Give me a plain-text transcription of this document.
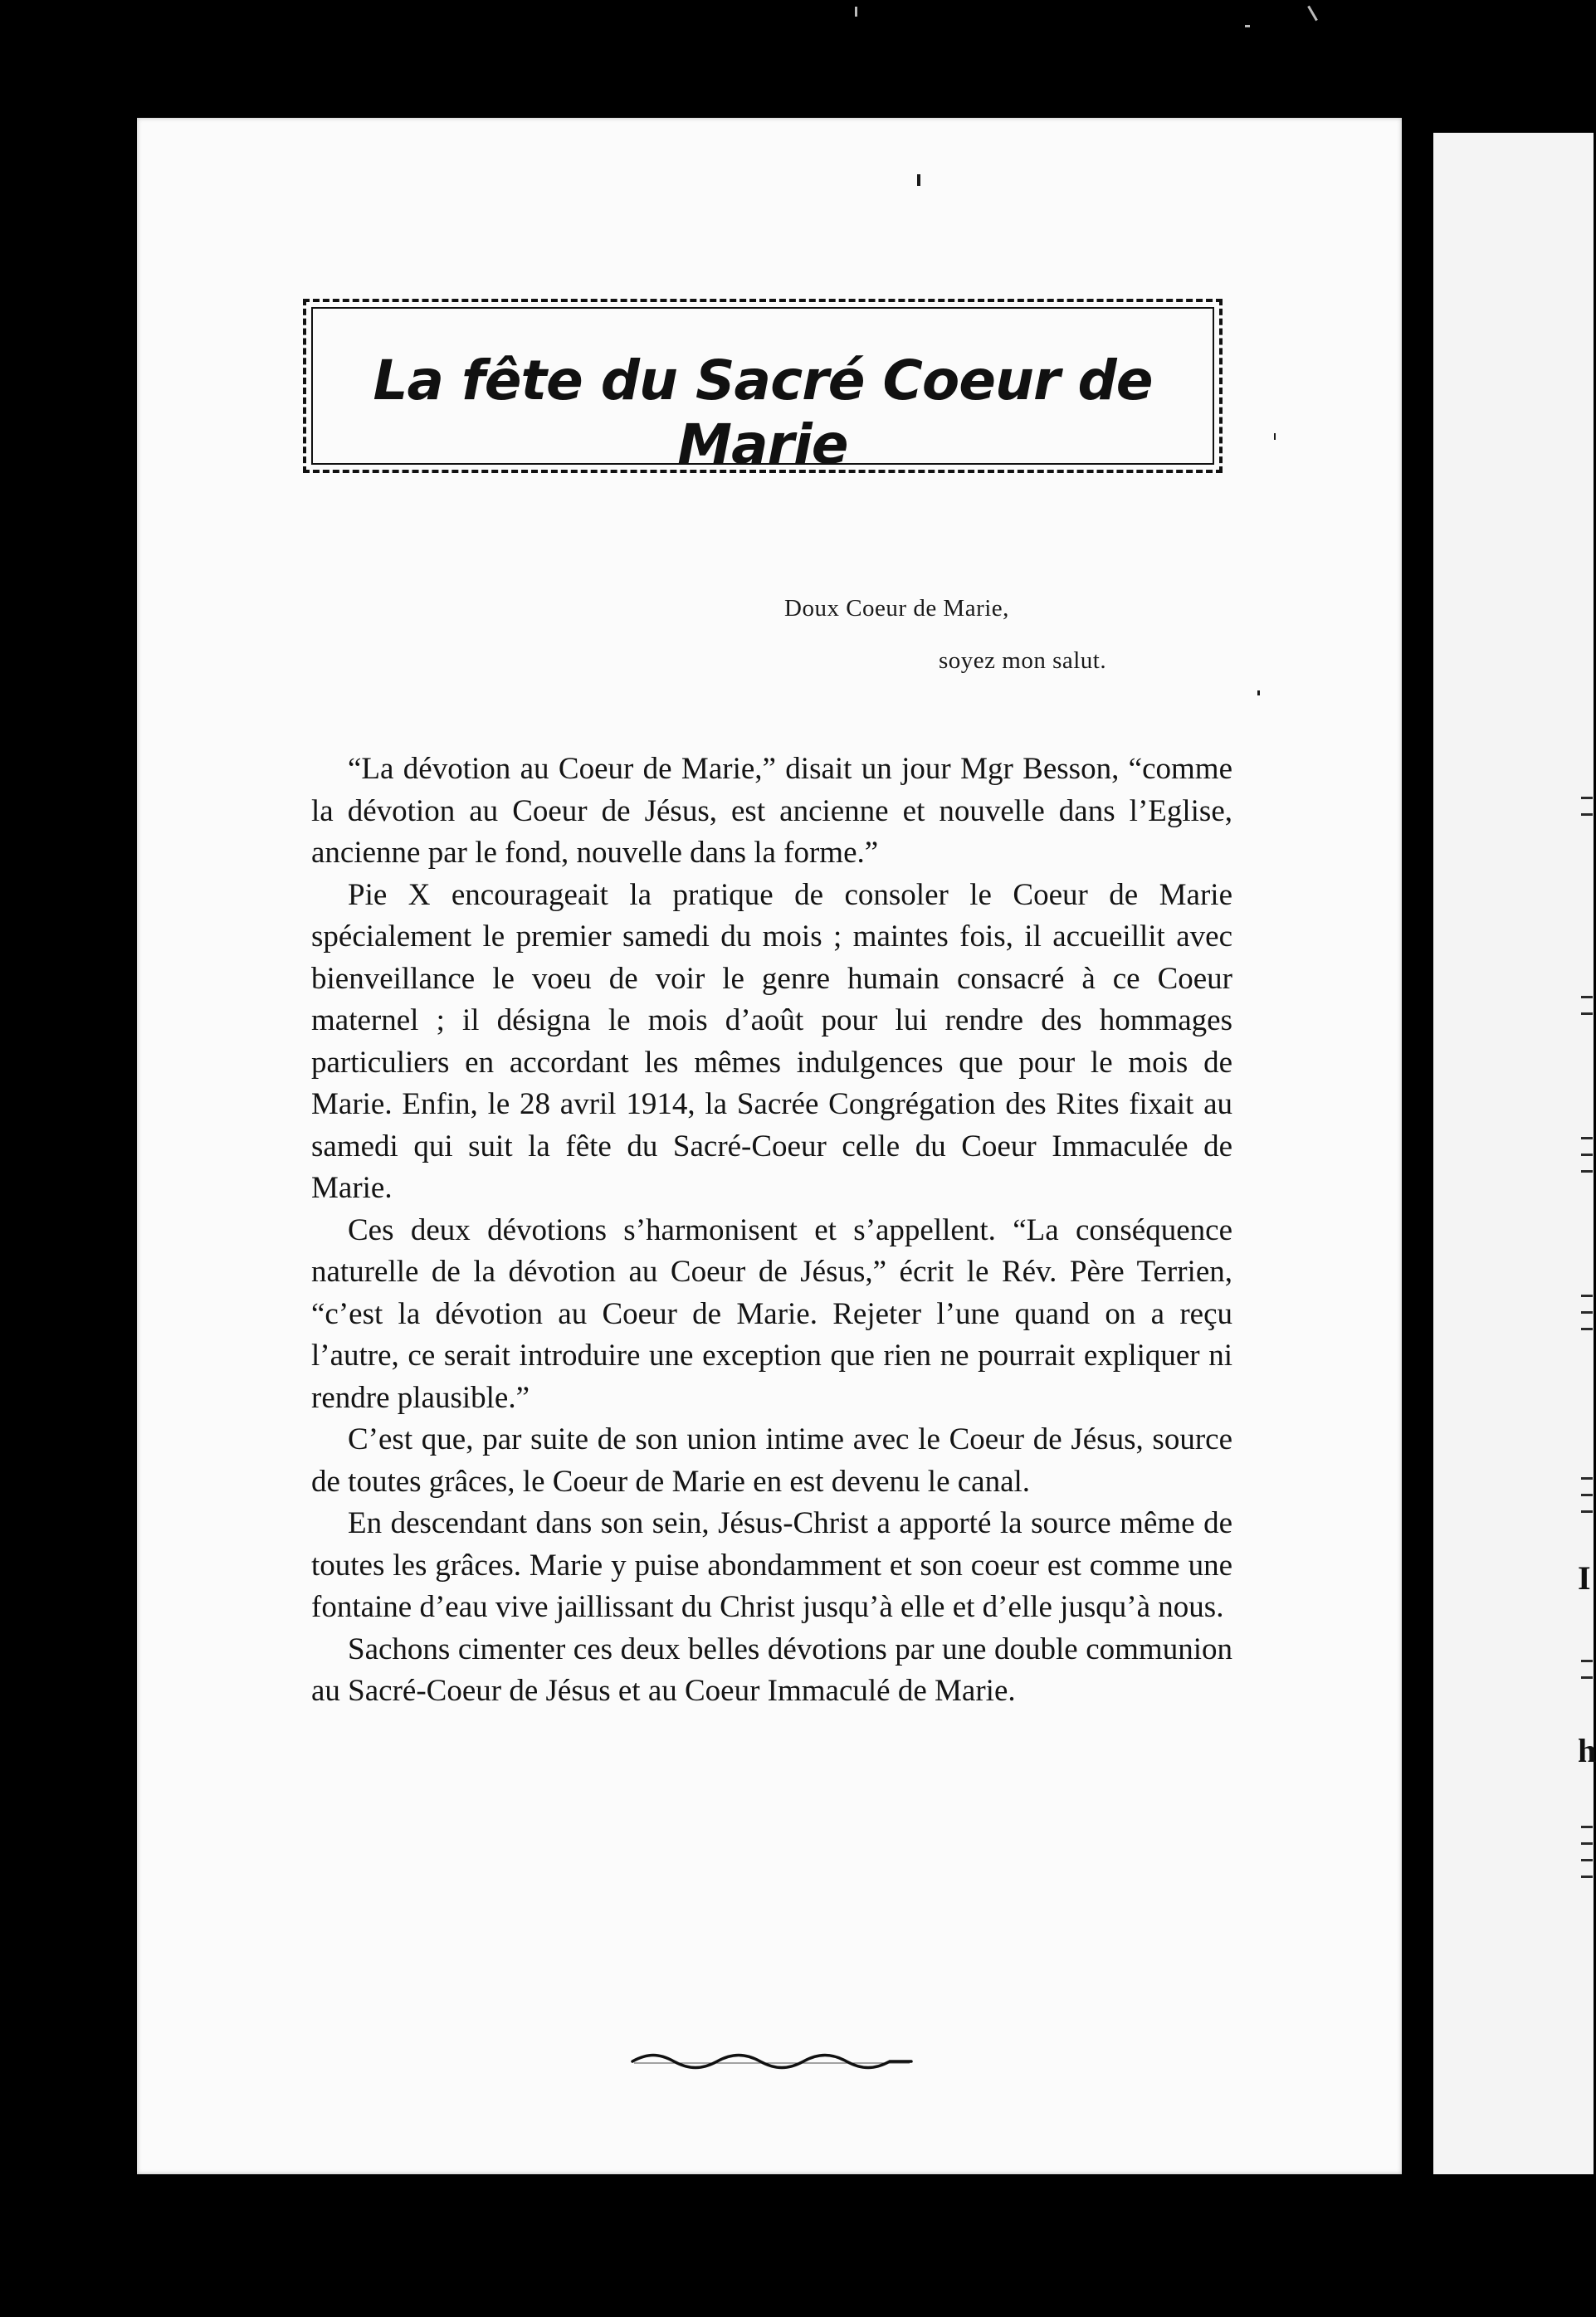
La fête du Sacré Coeur de Marie
Doux Coeur de Marie,
soyez mon salut.

“La dévotion au Coeur de Marie,” disait un jour Mgr Besson, “comme la dévotion au Coeur de Jésus, est ancienne et nouvelle dans l’Eglise, ancienne par le fond, nouvelle dans la forme.”

Pie X encourageait la pratique de consoler le Coeur de Marie spécialement le premier samedi du mois ; maintes fois, il accueillit avec bienveillance le voeu de voir le genre humain consacré à ce Coeur maternel ; il désigna le mois d’août pour lui rendre des hommages particuliers en accordant les mêmes indulgences que pour le mois de Marie. Enfin, le 28 avril 1914, la Sacrée Congrégation des Rites fixait au samedi qui suit la fête du Sacré-Coeur celle du Coeur Immaculée de Marie.

Ces deux dévotions s’harmonisent et s’appellent. “La conséquence naturelle de la dévotion au Coeur de Jésus,” écrit le Rév. Père Terrien, “c’est la dévotion au Coeur de Marie. Rejeter l’une quand on a reçu l’autre, ce serait introduire une exception que rien ne pourrait expliquer ni rendre plausible.”

C’est que, par suite de son union intime avec le Coeur de Jésus, source de toutes grâces, le Coeur de Marie en est devenu le canal.

En descendant dans son sein, Jésus-Christ a apporté la source même de toutes les grâces. Marie y puise abondamment et son coeur est comme une fontaine d’eau vive jaillissant du Christ jusqu’à elle et d’elle jusqu’à nous.

Sachons cimenter ces deux belles dévotions par une double communion au Sacré-Coeur de Jésus et au Coeur Immaculé de Marie.

I
h
